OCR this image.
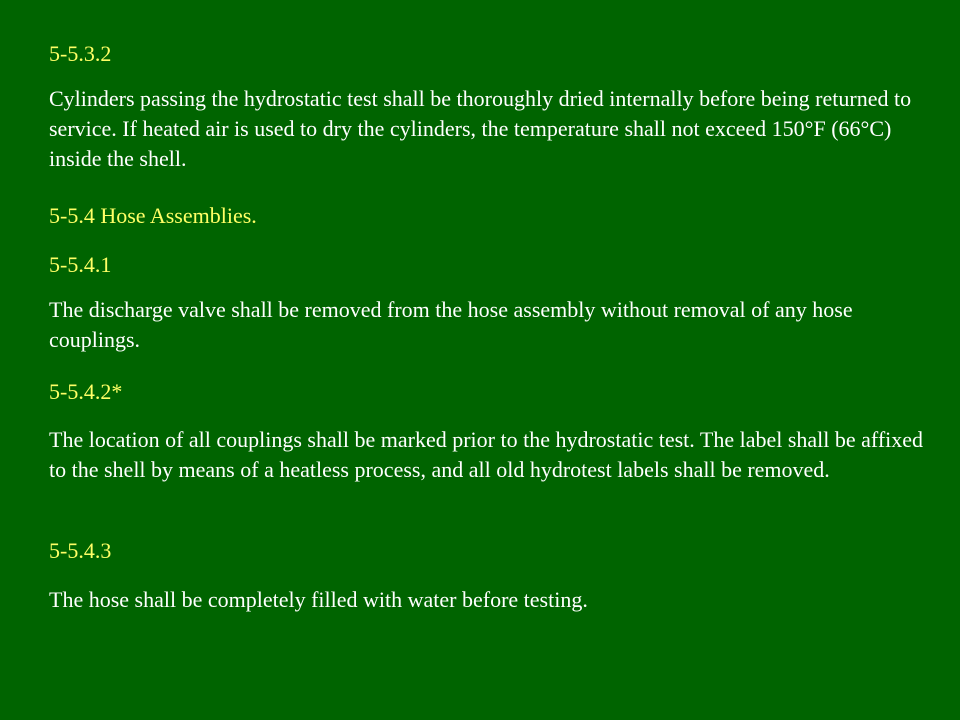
5-5.3.2

Cylinders passing the hydrostatic test shall be thoroughly dried internally before being returned to service. If heated air is used to dry the cylinders, the temperature shall not exceed 150°F (66°C) inside the shell.

5-5.4 Hose Assemblies.

5-5.4.1

The discharge valve shall be removed from the hose assembly without removal of any hose couplings.

5-5.4.2*

The location of all couplings shall be marked prior to the hydrostatic test. The label shall be affixed to the shell by means of a heatless process, and all old hydrotest labels shall be removed.

5-5.4.3

The hose shall be completely filled with water before testing.
